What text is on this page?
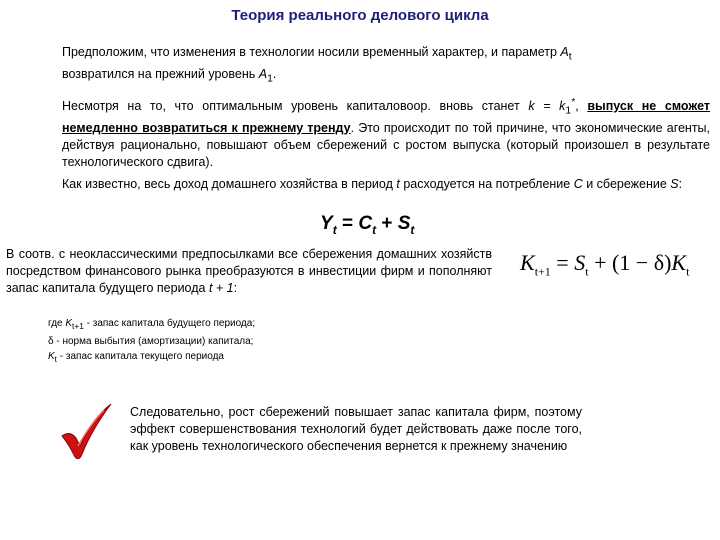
Теория реального делового цикла
Предположим, что изменения в технологии носили временный характер, и параметр $A_t$
возвратился на прежний уровень $A_1$.
Несмотря на то, что оптимальным уровень капиталовоор. вновь станет $k = k_1^*$, выпуск не сможет немедленно возвратиться к прежнему тренду. Это происходит по той причине, что экономические агенты, действуя рационально, повышают объем сбережений с ростом выпуска (который произошел в результате технологического сдвига).
Как известно, весь доход домашнего хозяйства в период t расходуется на потребление C и сбережение S:
$Y_t = C_t + S_t$
В соотв. с неоклассическими предпосылками все сбережения домашних хозяйств посредством финансового рынка преобразуются в инвестиции фирм и пополняют запас капитала будущего периода t + 1:
$K_{t+1} = S_t + (1 - \delta)K_t$
где $K_{t+1}$ - запас капитала будущего периода;
δ - норма выбытия (амортизации) капитала;
$K_t$ - запас капитала текущего периода
Следовательно, рост сбережений повышает запас капитала фирм, поэтому эффект совершенствования технологий будет действовать даже после того, как уровень технологического обеспечения вернется к прежнему значению
